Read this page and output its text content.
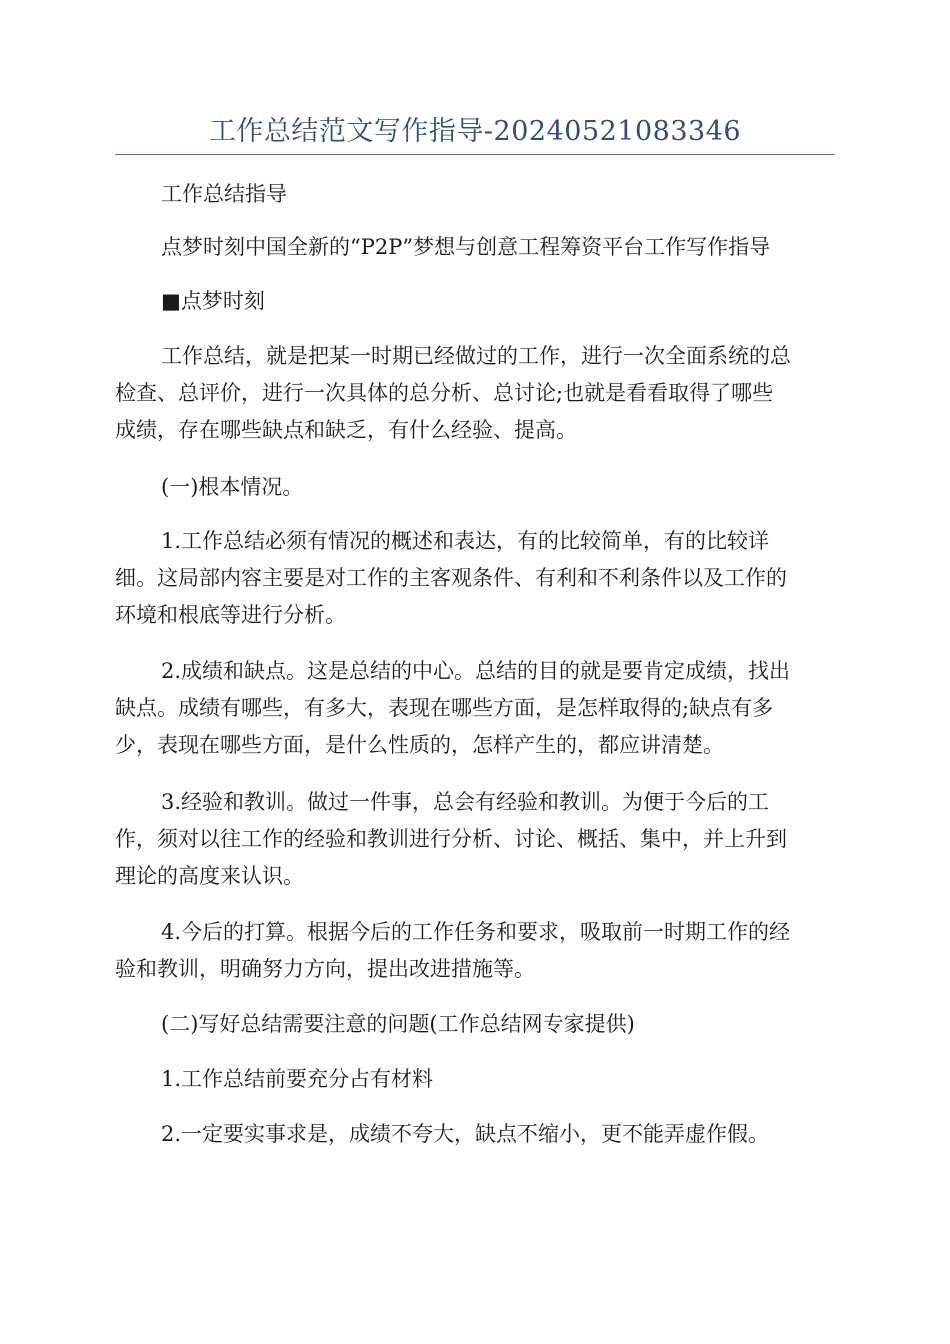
工作总结范文写作指导-20240521083346

工作总结指导

点梦时刻中国全新的“P2P”梦想与创意工程筹资平台工作写作指导

■点梦时刻

工作总结，就是把某一时期已经做过的工作，进行一次全面系统的总
检查、总评价，进行一次具体的总分析、总讨论;也就是看看取得了哪些
成绩，存在哪些缺点和缺乏，有什么经验、提高。

(一)根本情况。

1.工作总结必须有情况的概述和表达，有的比较简单，有的比较详
细。这局部内容主要是对工作的主客观条件、有利和不利条件以及工作的
环境和根底等进行分析。

2.成绩和缺点。这是总结的中心。总结的目的就是要肯定成绩，找出
缺点。成绩有哪些，有多大，表现在哪些方面，是怎样取得的;缺点有多
少，表现在哪些方面，是什么性质的，怎样产生的，都应讲清楚。

3.经验和教训。做过一件事，总会有经验和教训。为便于今后的工
作，须对以往工作的经验和教训进行分析、讨论、概括、集中，并上升到
理论的高度来认识。

4.今后的打算。根据今后的工作任务和要求，吸取前一时期工作的经
验和教训，明确努力方向，提出改进措施等。

(二)写好总结需要注意的问题(工作总结网专家提供)

1.工作总结前要充分占有材料

2.一定要实事求是，成绩不夸大，缺点不缩小，更不能弄虚作假。
